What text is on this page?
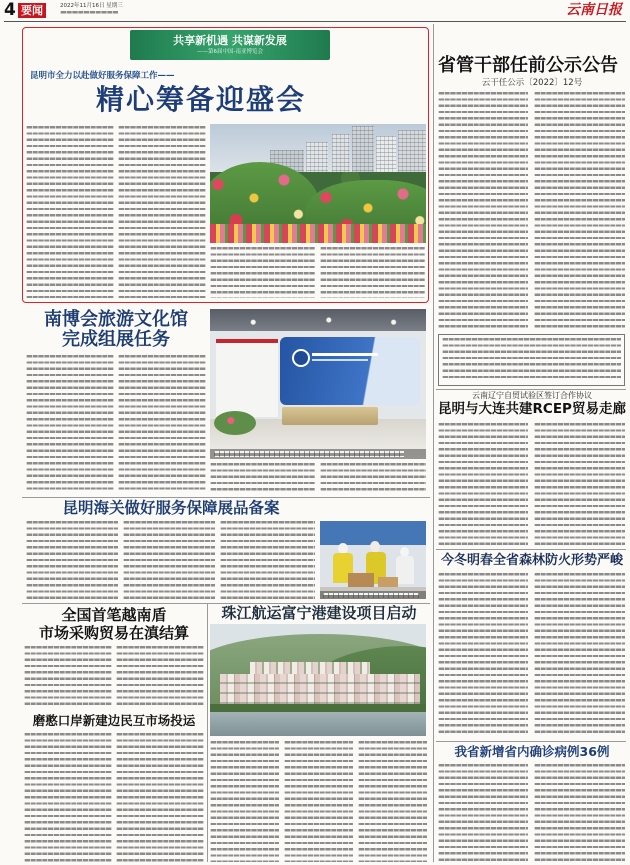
4 要闻	2022年11月16日 星期三	云南日报
共享新机遇 共谋新发展
——第6届中国-南亚博览会
昆明市全力以赴做好服务保障工作——
精心筹备迎盛会
省管干部任前公示公告
云干任公示〔2022〕12号
云南辽宁自贸试验区签订合作协议
昆明与大连共建RCEP贸易走廊
今冬明春全省森林防火形势严峻
我省新增省内确诊病例36例
南博会旅游文化馆
完成组展任务
昆明海关做好服务保障展品备案
全国首笔越南盾
市场采购贸易在滇结算
磨憨口岸新建边民互市场投运
珠江航运富宁港建设项目启动
